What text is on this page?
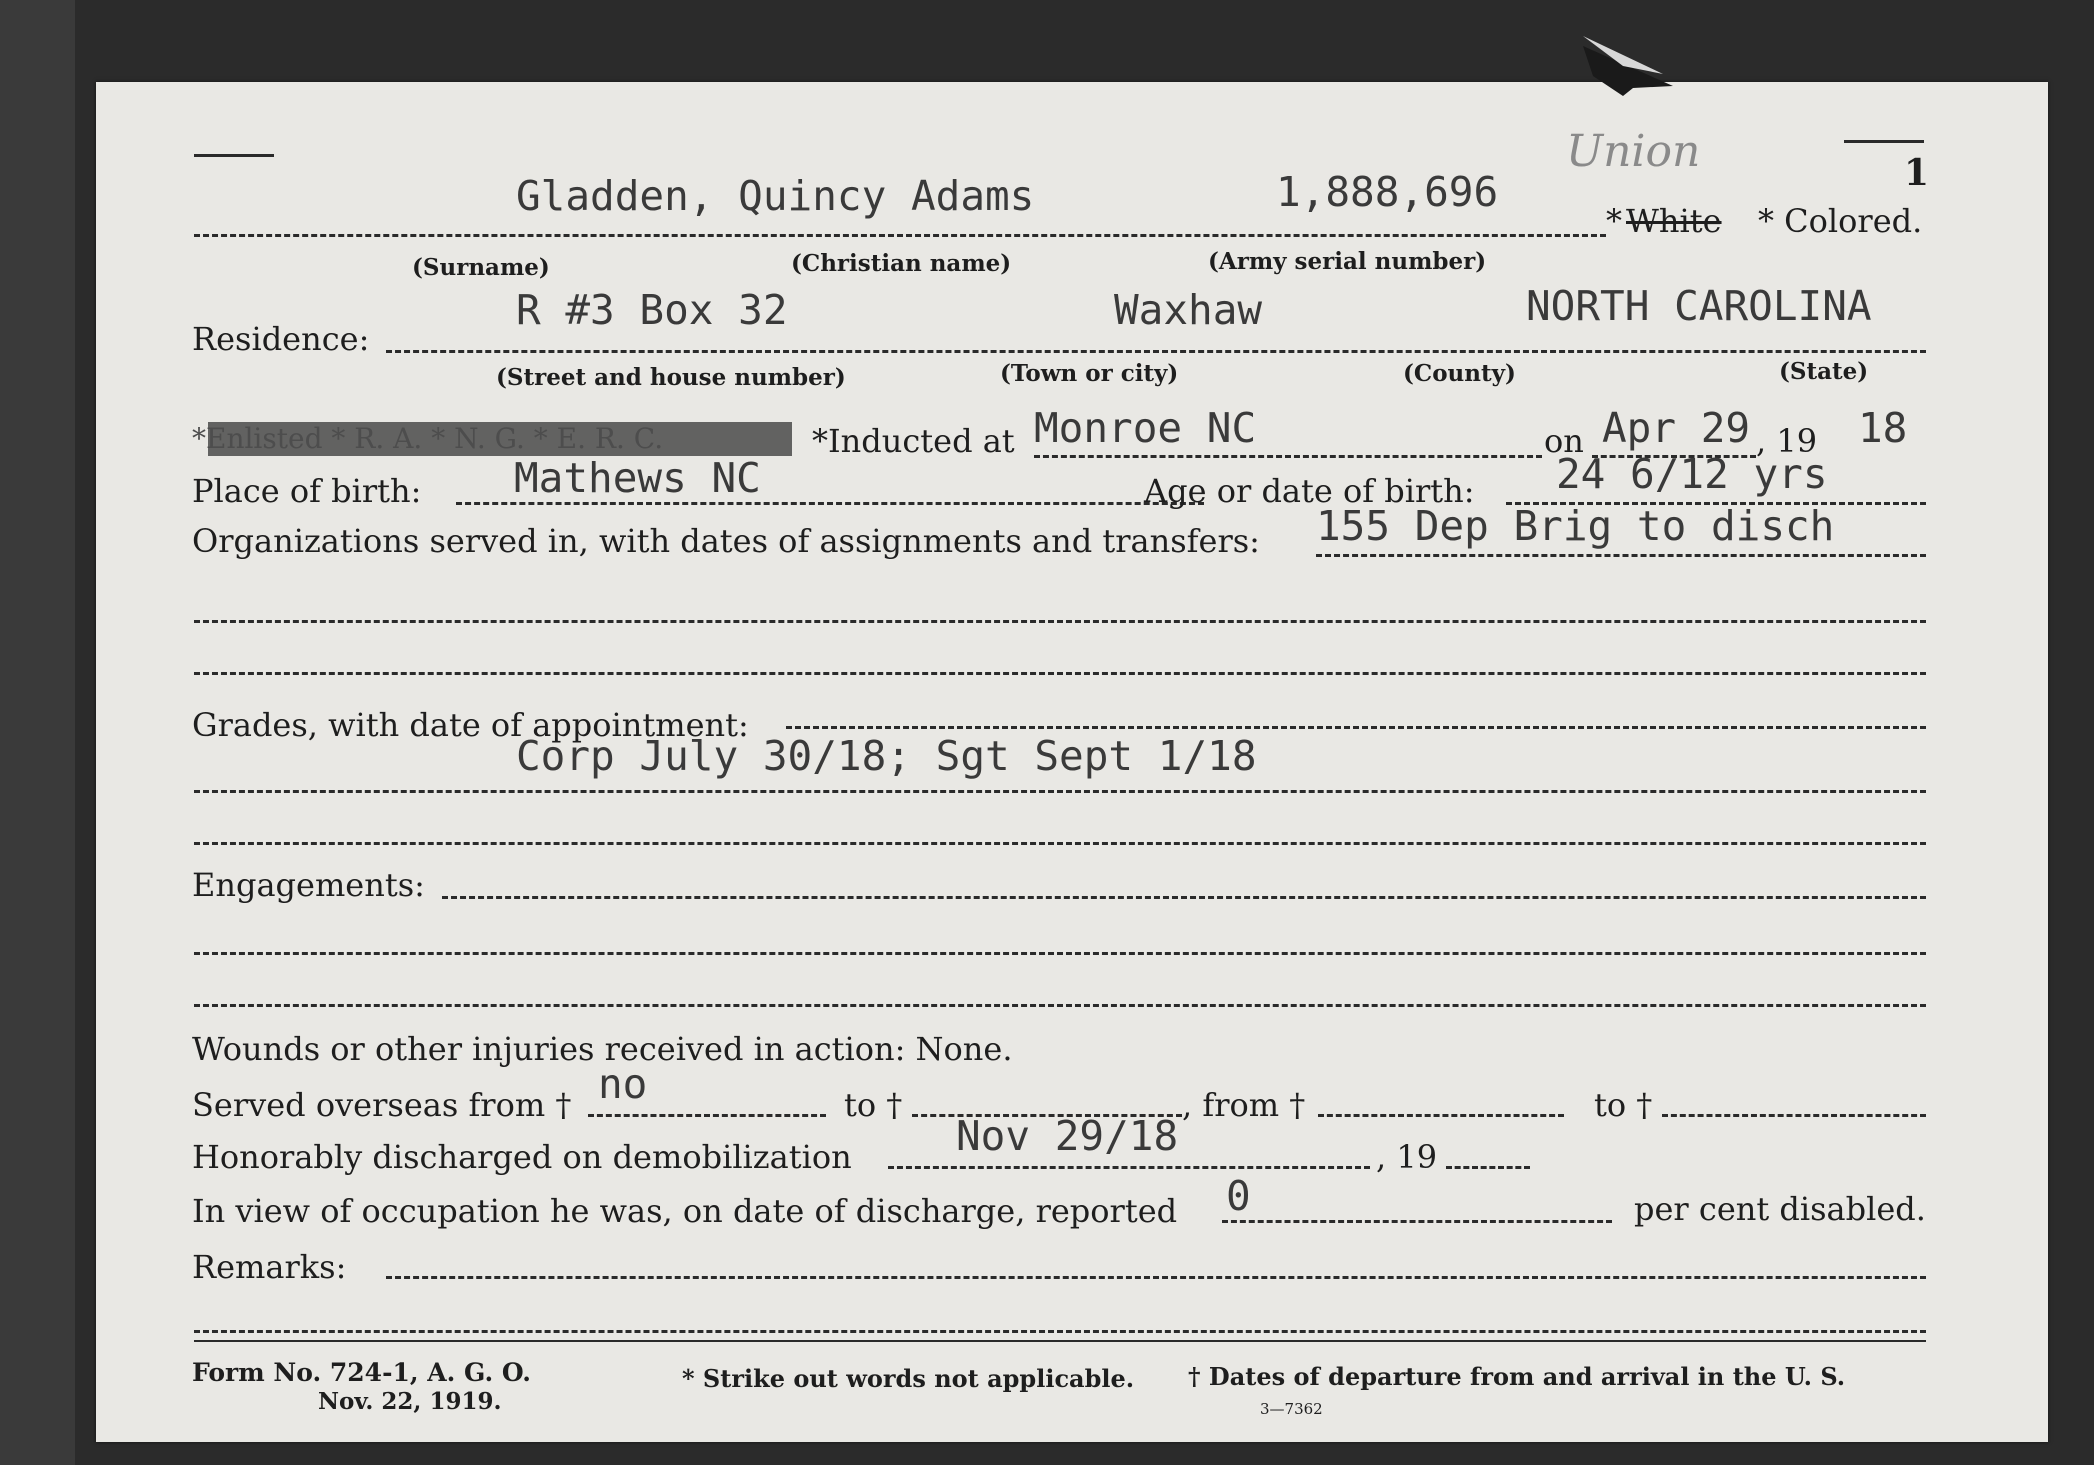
1
Union
Gladden, Quincy Adams	1,888,696
* White * Colored.
(Surname)	(Christian name)	(Army serial number)
R #3 Box 32	Waxhaw	NORTH CAROLINA
Residence:
(Street and house number)	(Town or city)	(County)	(State)
*Enlisted * R. A. * N. G. * E. R. C.	*Inducted at Monroe NC	on Apr 29 , 19 18
Place of birth: Mathews NC	Age or date of birth: 24 6/12 yrs
Organizations served in, with dates of assignments and transfers: 155 Dep Brig to disch
Grades, with date of appointment:
Corp July 30/18; Sgt Sept 1/18
Engagements:
Wounds or other injuries received in action: None.
Served overseas from † no	to †	, from †	to †
Honorably discharged on demobilization	Nov 29/18	, 19
In view of occupation he was, on date of discharge, reported 0	per cent disabled.
Remarks:
Form No. 724-1, A. G. O.
Nov. 22, 1919.
* Strike out words not applicable. † Dates of departure from and arrival in the U. S.
3—7362
